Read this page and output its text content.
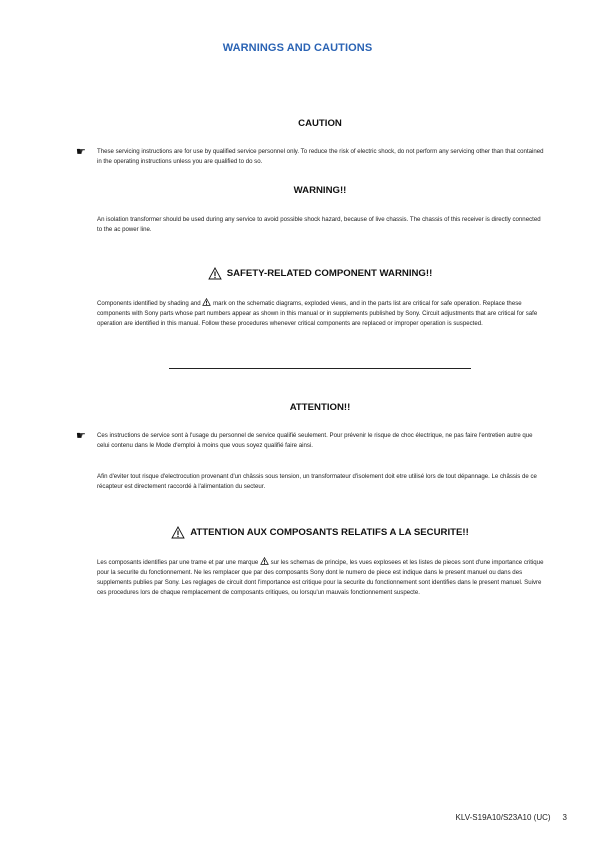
WARNINGS AND CAUTIONS
CAUTION
☛ These servicing instructions are for use by qualified service personnel only. To reduce the risk of electric shock, do not perform any servicing other than that contained in the operating instructions unless you are qualified to do so.
WARNING!!
An isolation transformer should be used during any service to avoid possible shock hazard, because of live chassis. The chassis of this receiver is directly connected to the ac power line.
SAFETY-RELATED COMPONENT WARNING!!
Components identified by shading and mark on the schematic diagrams, exploded views, and in the parts list are critical for safe operation. Replace these components with Sony parts whose part numbers appear as shown in this manual or in supplements published by Sony. Circuit adjustments that are critical for safe operation are identified in this manual. Follow these procedures whenever critical components are replaced or improper operation is suspected.
ATTENTION!!
☛ Ces instructions de service sont à l'usage du personnel de service qualifié seulement. Pour prévenir le risque de choc électrique, ne pas faire l'entretien autre que celui contenu dans le Mode d'emploi à moins que vous soyez qualifié faire ainsi.
Afin d'eviter tout risque d'electrocution provenant d'un châssis sous tension, un transformateur d'isolement doit etre utilisé lors de tout dépannage. Le châssis de ce récapteur est directement raccordé à l'alimentation du secteur.
ATTENTION AUX COMPOSANTS RELATIFS A LA SECURITE!!
Les composants identifies par une trame et par une marque sur les schemas de principe, les vues explosees et les listes de pieces sont d'une importance critique pour la securite du fonctionnement. Ne les remplacer que par des composants Sony dont le numero de piece est indique dans le present manuel ou dans des supplements publies par Sony. Les reglages de circuit dont l'importance est critique pour la securite du fonctionnement sont identifies dans le present manuel. Suivre ces procedures lors de chaque remplacement de composants critiques, ou lorsqu'un mauvais fonctionnement suspecte.
KLV-S19A10/S23A10 (UC) 3
